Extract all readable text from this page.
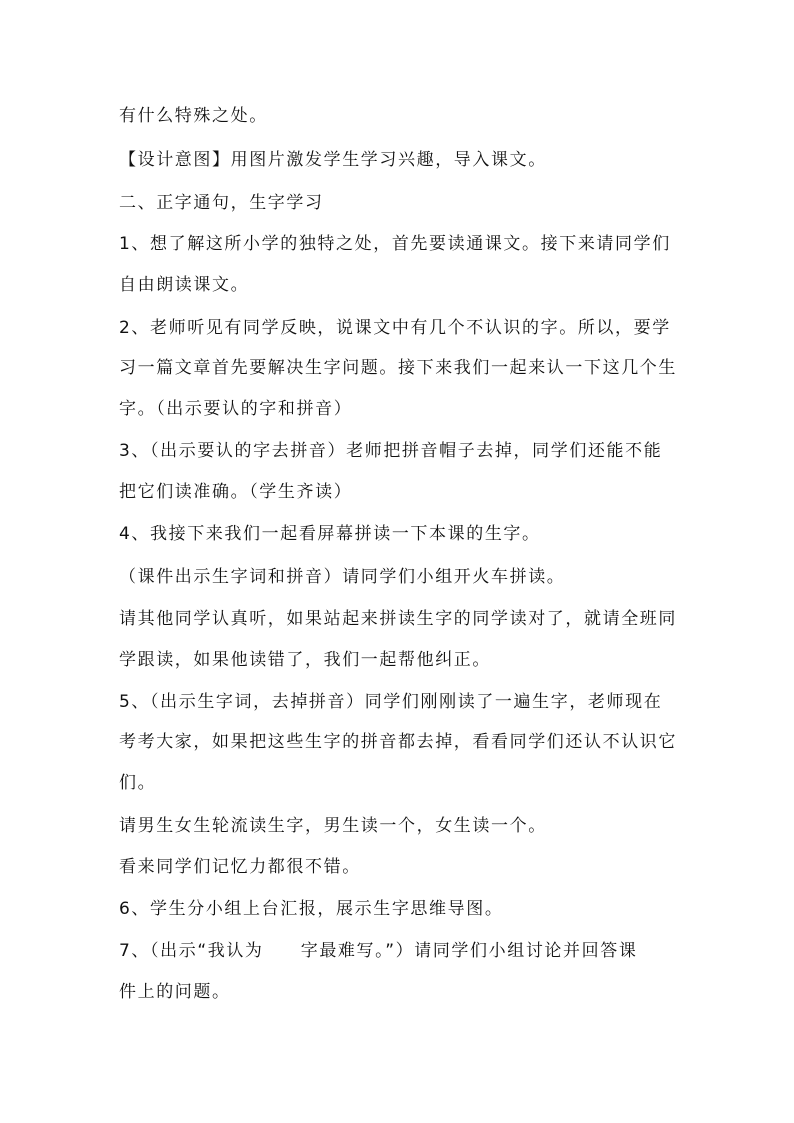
有什么特殊之处。
【设计意图】用图片激发学生学习兴趣，导入课文。
二、正字通句，生字学习
1、想了解这所小学的独特之处，首先要读通课文。接下来请同学们
自由朗读课文。
2、老师听见有同学反映，说课文中有几个不认识的字。所以，要学
习一篇文章首先要解决生字问题。接下来我们一起来认一下这几个生
字。（出示要认的字和拼音）
3、（出示要认的字去拼音）老师把拼音帽子去掉，同学们还能不能
把它们读准确。（学生齐读）
4、我接下来我们一起看屏幕拼读一下本课的生字。
（课件出示生字词和拼音）请同学们小组开火车拼读。
请其他同学认真听，如果站起来拼读生字的同学读对了，就请全班同
学跟读，如果他读错了，我们一起帮他纠正。
5、（出示生字词，去掉拼音）同学们刚刚读了一遍生字，老师现在
考考大家，如果把这些生字的拼音都去掉，看看同学们还认不认识它
们。
请男生女生轮流读生字，男生读一个，女生读一个。
看来同学们记忆力都很不错。
6、学生分小组上台汇报，展示生字思维导图。
7、（出示“我认为　　字最难写。”）请同学们小组讨论并回答课
件上的问题。
